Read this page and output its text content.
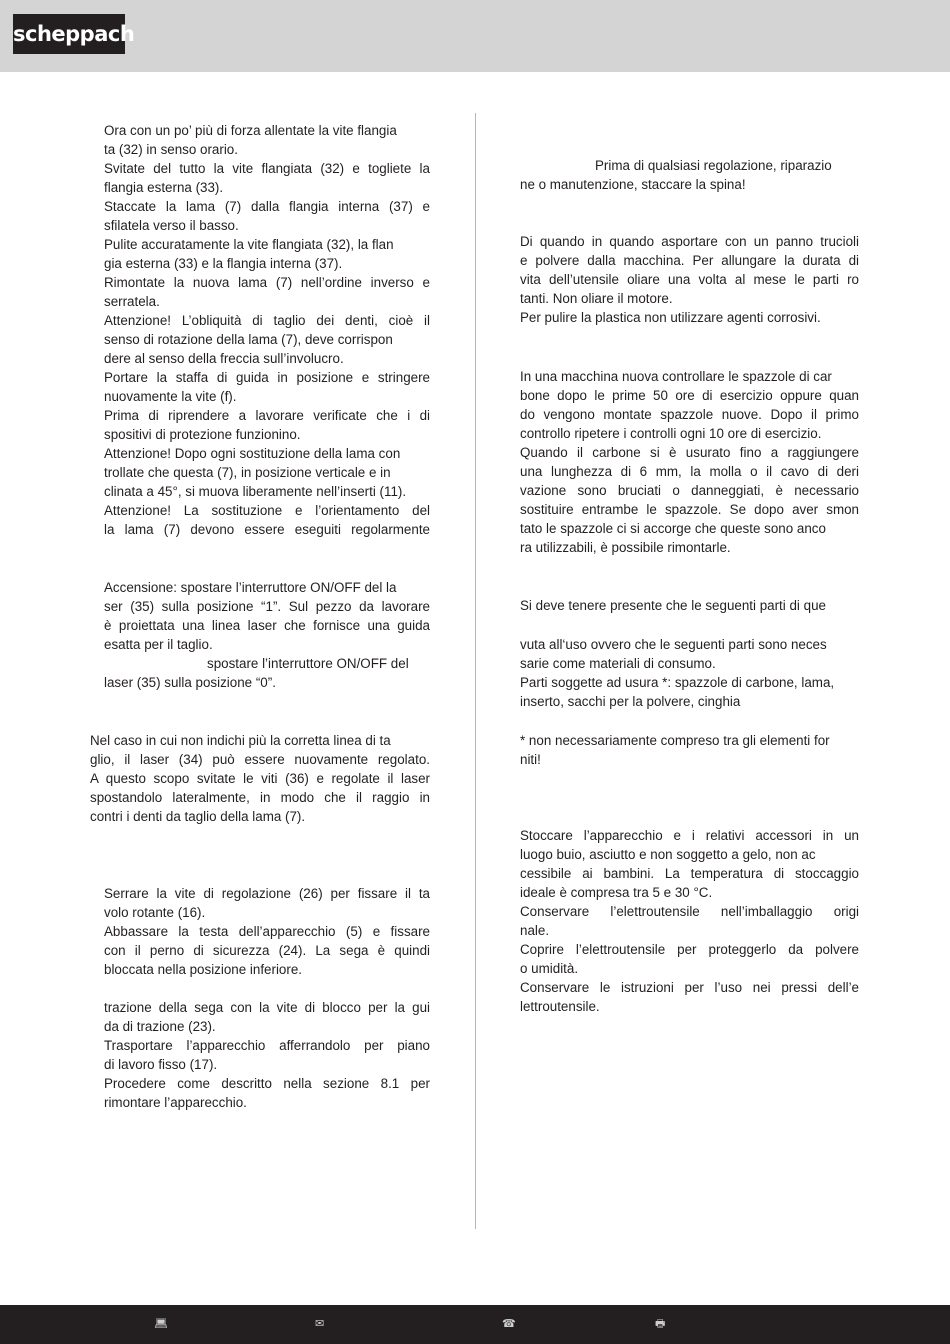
scheppach
Ora con un po’ più di forza allentate la vite flangia
ta (32) in senso orario.
Svitate del tutto la vite flangiata (32) e togliete la
flangia esterna (33).
Staccate la lama (7) dalla flangia interna (37) e
sfilatela verso il basso.
Pulite accuratamente la vite flangiata (32), la flan
gia esterna (33) e la flangia interna (37).
Rimontate la nuova lama (7) nell’ordine inverso e
serratela.
Attenzione! L’obliquità di taglio dei denti, cioè il
senso di rotazione della lama (7), deve corrispon
dere al senso della freccia sull’involucro.
Portare la staffa di guida in posizione e stringere
nuovamente la vite (f).
Prima di riprendere a lavorare verificate che i di
spositivi di protezione funzionino.
Attenzione! Dopo ogni sostituzione della lama con
trollate che questa (7), in posizione verticale e in
clinata a 45°, si muova liberamente nell’inserti (11).
Attenzione! La sostituzione e l’orientamento del
la lama (7) devono essere eseguiti regolarmente
Accensione: spostare l’interruttore ON/OFF del la
ser (35) sulla posizione “1”. Sul pezzo da lavorare
è proiettata una linea laser che fornisce una guida
esatta per il taglio.
spostare l’interruttore ON/OFF del
laser (35) sulla posizione “0”.
Nel caso in cui non indichi più la corretta linea di ta
glio, il laser (34) può essere nuovamente regolato.
A questo scopo svitate le viti (36) e regolate il laser
spostandolo lateralmente, in modo che il raggio in
contri i denti da taglio della lama (7).
Serrare la vite di regolazione (26) per fissare il ta
volo rotante (16).
Abbassare la testa dell’apparecchio (5) e fissare
con il perno di sicurezza (24). La sega è quindi
bloccata nella posizione inferiore.
trazione della sega con la vite di blocco per la gui
da di trazione (23).
Trasportare l’apparecchio afferrandolo per piano
di lavoro fisso (17).
Procedere come descritto nella sezione 8.1 per
rimontare l’apparecchio.
Prima di qualsiasi regolazione, riparazio
ne o manutenzione, staccare la spina!
Di quando in quando asportare con un panno trucioli
e polvere dalla macchina. Per allungare la durata di
vita dell’utensile oliare una volta al mese le parti ro
tanti. Non oliare il motore.
Per pulire la plastica non utilizzare agenti corrosivi.
In una macchina nuova controllare le spazzole di car
bone dopo le prime 50 ore di esercizio oppure quan
do vengono montate spazzole nuove. Dopo il primo
controllo ripetere i controlli ogni 10 ore di esercizio.
Quando il carbone si è usurato fino a raggiungere
una lunghezza di 6 mm, la molla o il cavo di deri
vazione sono bruciati o danneggiati, è necessario
sostituire entrambe le spazzole. Se dopo aver smon
tato le spazzole ci si accorge che queste sono anco
ra utilizzabili, è possibile rimontarle.
Si deve tenere presente che le seguenti parti di que
vuta all‘uso ovvero che le seguenti parti sono neces
sarie come materiali di consumo.
Parti soggette ad usura *: spazzole di carbone, lama,
inserto, sacchi per la polvere, cinghia
* non necessariamente compreso tra gli elementi for
niti!
Stoccare l’apparecchio e i relativi accessori in un
luogo buio, asciutto e non soggetto a gelo, non ac
cessibile ai bambini. La temperatura di stoccaggio
ideale è compresa tra 5 e 30 °C.
Conservare l’elettroutensile nell’imballaggio origi
nale.
Coprire l’elettroutensile per proteggerlo da polvere
o umidità.
Conservare le istruzioni per l’uso nei pressi dell’e
lettroutensile.
💻︎	✉︎	☎︎	🖶︎
